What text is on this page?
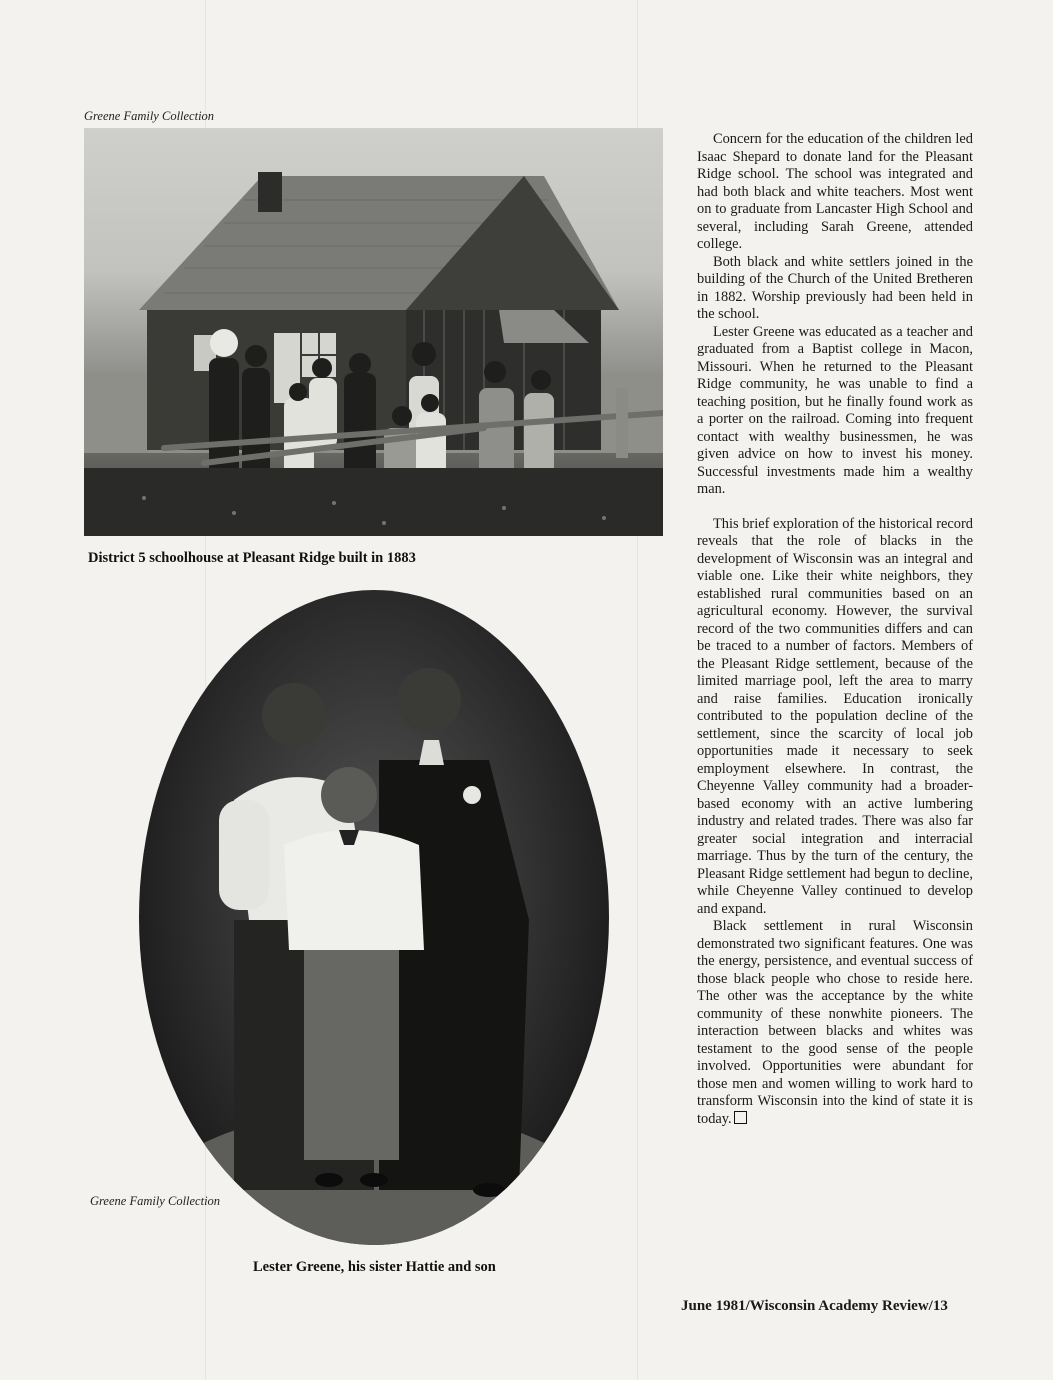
Greene Family Collection
District 5 schoolhouse at Pleasant Ridge built in 1883
Greene Family Collection
Lester Greene, his sister Hattie and son

Concern for the education of the children led Isaac Shepard to donate land for the Pleasant Ridge school. The school was integrated and had both black and white teachers. Most went on to graduate from Lancaster High School and several, including Sarah Greene, attended college.

Both black and white settlers joined in the building of the Church of the United Bretheren in 1882. Worship previously had been held in the school.

Lester Greene was educated as a teacher and graduated from a Baptist college in Macon, Missouri. When he returned to the Pleasant Ridge community, he was unable to find a teaching position, but he finally found work as a porter on the railroad. Coming into frequent contact with wealthy businessmen, he was given advice on how to invest his money. Successful investments made him a wealthy man.

This brief exploration of the historical record reveals that the role of blacks in the development of Wisconsin was an integral and viable one. Like their white neighbors, they established rural communities based on an agricultural economy. However, the survival record of the two communities differs and can be traced to a number of factors. Members of the Pleasant Ridge settlement, because of the limited marriage pool, left the area to marry and raise families. Education ironically contributed to the population decline of the settlement, since the scarcity of local job opportunities made it necessary to seek employment elsewhere. In contrast, the Cheyenne Valley community had a broader-based economy with an active lumbering industry and related trades. There was also far greater social integration and interracial marriage. Thus by the turn of the century, the Pleasant Ridge settlement had begun to decline, while Cheyenne Valley continued to develop and expand.

Black settlement in rural Wisconsin demonstrated two significant features. One was the energy, persistence, and eventual success of those black people who chose to reside here. The other was the acceptance by the white community of these nonwhite pioneers. The interaction between blacks and whites was testament to the good sense of the people involved. Opportunities were abundant for those men and women willing to work hard to transform Wisconsin into the kind of state it is today.

June 1981/Wisconsin Academy Review/13
